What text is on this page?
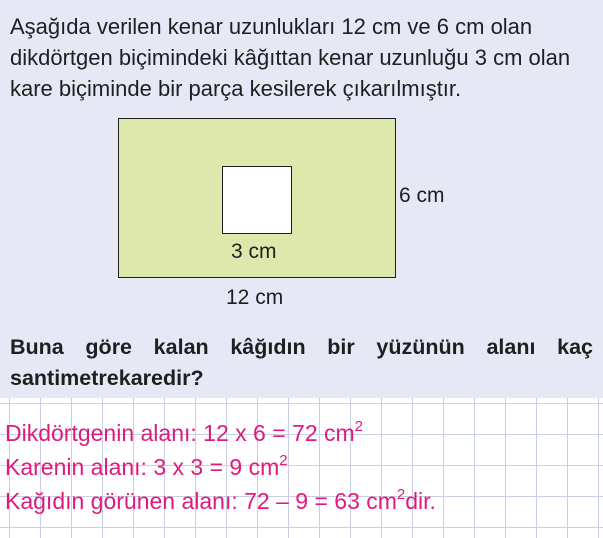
Aşağıda verilen kenar uzunlukları 12 cm ve 6 cm olan dikdörtgen biçimindeki kâğıttan kenar uzunluğu 3 cm olan kare biçiminde bir parça kesilerek çıkarılmıştır.

3 cm
6 cm
12 cm

Buna göre kalan kâğıdın bir yüzünün alanı kaç santimetrekaredir?

Dikdörtgenin alanı: 12 x 6 = 72 $cm^2$
Karenin alanı: 3 x 3 = 9 $cm^2$
Kağıdın görünen alanı: 72 – 9 = 63 $cm^2dir$.
